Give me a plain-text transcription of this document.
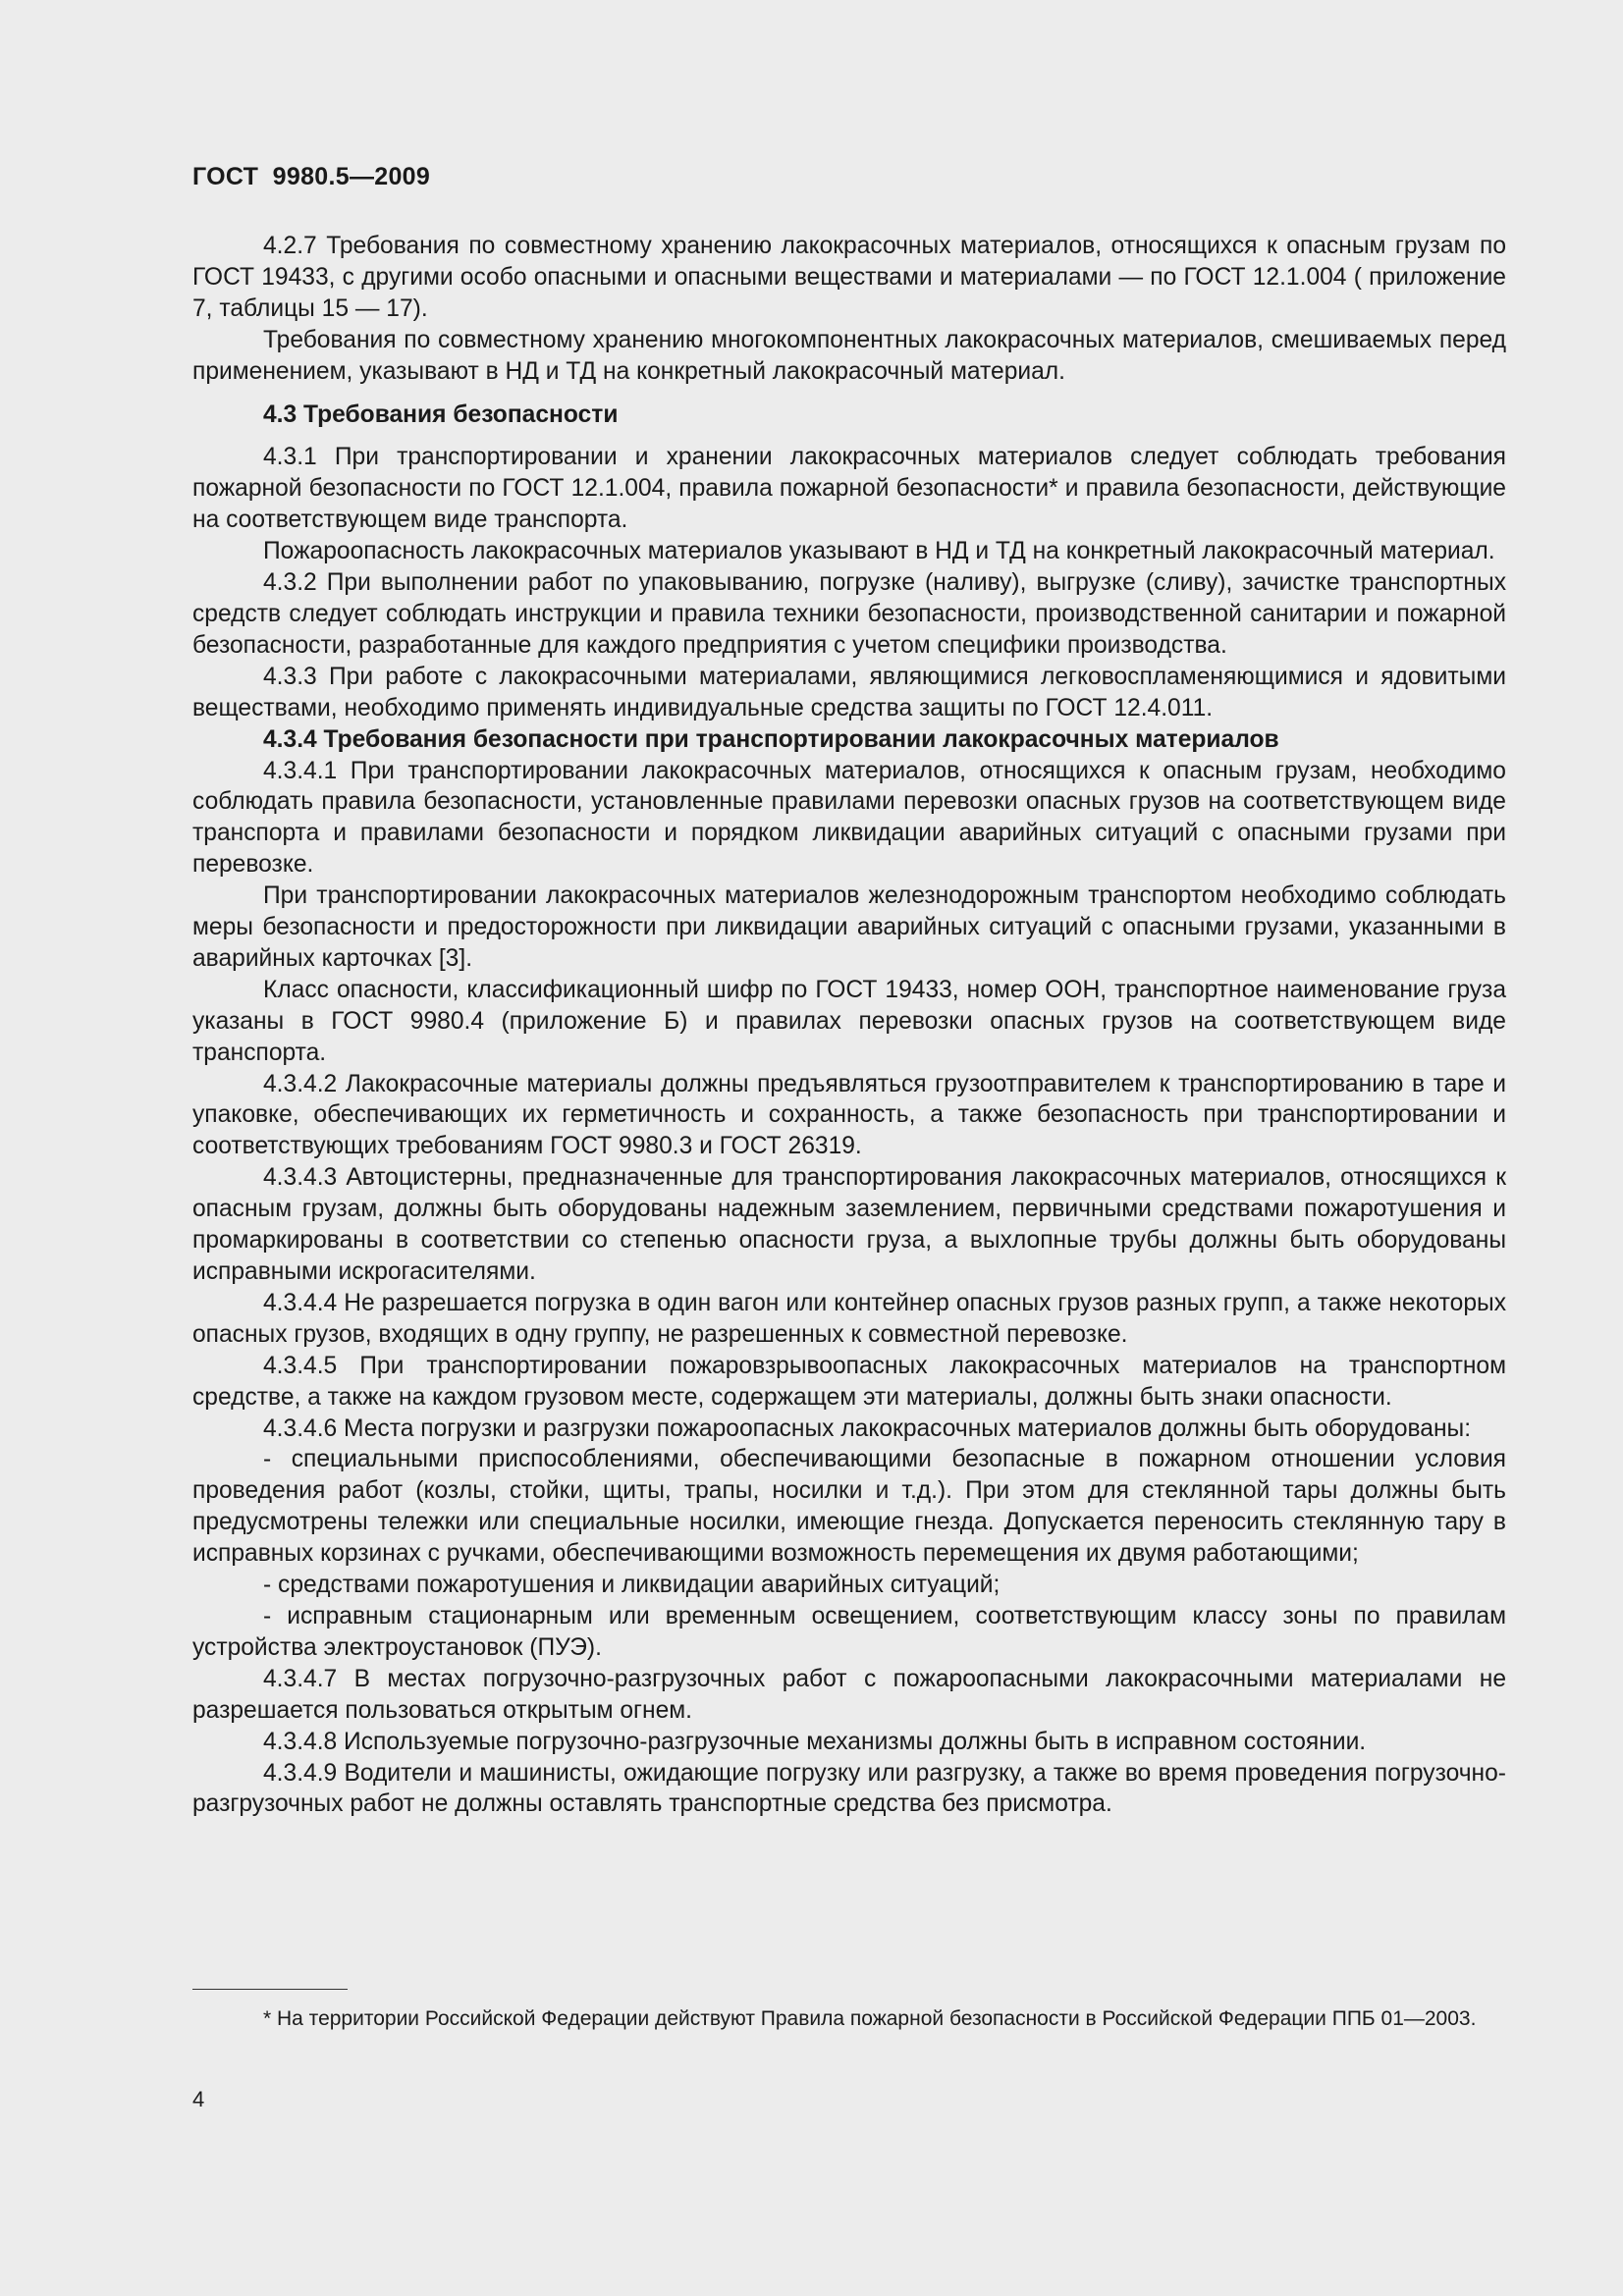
ГОСТ  9980.5—2009

4.2.7 Требования по совместному хранению лакокрасочных материалов, относящихся к опасным грузам по ГОСТ 19433, с другими особо опасными и опасными веществами и материалами — по ГОСТ 12.1.004 ( приложение 7, таблицы 15 — 17).

Требования по совместному хранению многокомпонентных лакокрасочных материалов, смешиваемых перед применением, указывают в НД и ТД на конкретный лакокрасочный материал.

4.3 Требования безопасности

4.3.1 При транспортировании и хранении лакокрасочных материалов следует соблюдать требования пожарной безопасности по ГОСТ 12.1.004, правила пожарной безопасности* и правила безопасности, действующие на соответствующем виде транспорта.

Пожароопасность лакокрасочных материалов указывают в НД и ТД на конкретный лакокрасочный материал.

4.3.2 При выполнении работ по упаковыванию, погрузке (наливу), выгрузке (сливу), зачистке транспортных средств следует соблюдать инструкции и правила техники безопасности, производственной санитарии и пожарной безопасности, разработанные для каждого предприятия с учетом специфики производства.

4.3.3 При работе с лакокрасочными материалами, являющимися легковоспламеняющимися и ядовитыми веществами, необходимо применять индивидуальные средства защиты по ГОСТ 12.4.011.

4.3.4 Требования безопасности при транспортировании лакокрасочных материалов

4.3.4.1 При транспортировании лакокрасочных материалов, относящихся к опасным грузам, необходимо соблюдать правила безопасности, установленные правилами перевозки опасных грузов на соответствующем виде транспорта и правилами безопасности и порядком ликвидации аварийных ситуаций с опасными грузами при перевозке.

При транспортировании лакокрасочных материалов железнодорожным транспортом необходимо соблюдать меры безопасности и предосторожности при ликвидации аварийных ситуаций с опасными грузами, указанными в аварийных карточках [3].

Класс опасности, классификационный шифр по ГОСТ 19433, номер ООН, транспортное наименование груза указаны в ГОСТ 9980.4 (приложение Б) и правилах перевозки опасных грузов на соответствующем виде транспорта.

4.3.4.2 Лакокрасочные материалы должны предъявляться грузоотправителем к транспортированию в таре и упаковке, обеспечивающих их герметичность и сохранность, а также безопасность при транспортировании и соответствующих требованиям ГОСТ 9980.3 и ГОСТ 26319.

4.3.4.3 Автоцистерны, предназначенные для транспортирования лакокрасочных материалов, относящихся к опасным грузам, должны быть оборудованы надежным заземлением, первичными средствами пожаротушения и промаркированы в соответствии со степенью опасности груза, а выхлопные трубы должны быть оборудованы исправными искрогасителями.

4.3.4.4 Не разрешается погрузка в один вагон или контейнер опасных грузов разных групп, а также некоторых опасных грузов, входящих в одну группу, не разрешенных к совместной перевозке.

4.3.4.5 При транспортировании пожаровзрывоопасных лакокрасочных материалов на транспортном средстве, а также на каждом грузовом месте, содержащем эти материалы, должны быть знаки опасности.

4.3.4.6 Места погрузки и разгрузки пожароопасных лакокрасочных материалов должны быть оборудованы:

- специальными приспособлениями, обеспечивающими безопасные в пожарном отношении условия проведения работ (козлы, стойки, щиты, трапы, носилки и т.д.). При этом для стеклянной тары должны быть предусмотрены тележки или специальные носилки, имеющие гнезда. Допускается переносить стеклянную тару в исправных корзинах с ручками, обеспечивающими возможность перемещения их двумя работающими;

- средствами пожаротушения и ликвидации аварийных ситуаций;

- исправным стационарным или временным освещением, соответствующим классу зоны по правилам устройства электроустановок (ПУЭ).

4.3.4.7 В местах погрузочно-разгрузочных работ с пожароопасными лакокрасочными материалами не разрешается пользоваться открытым огнем.

4.3.4.8 Используемые погрузочно-разгрузочные механизмы должны быть в исправном состоянии.

4.3.4.9 Водители и машинисты, ожидающие погрузку или разгрузку, а также во время проведения погрузочно-разгрузочных работ не должны оставлять транспортные средства без присмотра.

* На территории Российской Федерации действуют Правила пожарной безопасности в Российской Федерации ППБ 01—2003.
4
